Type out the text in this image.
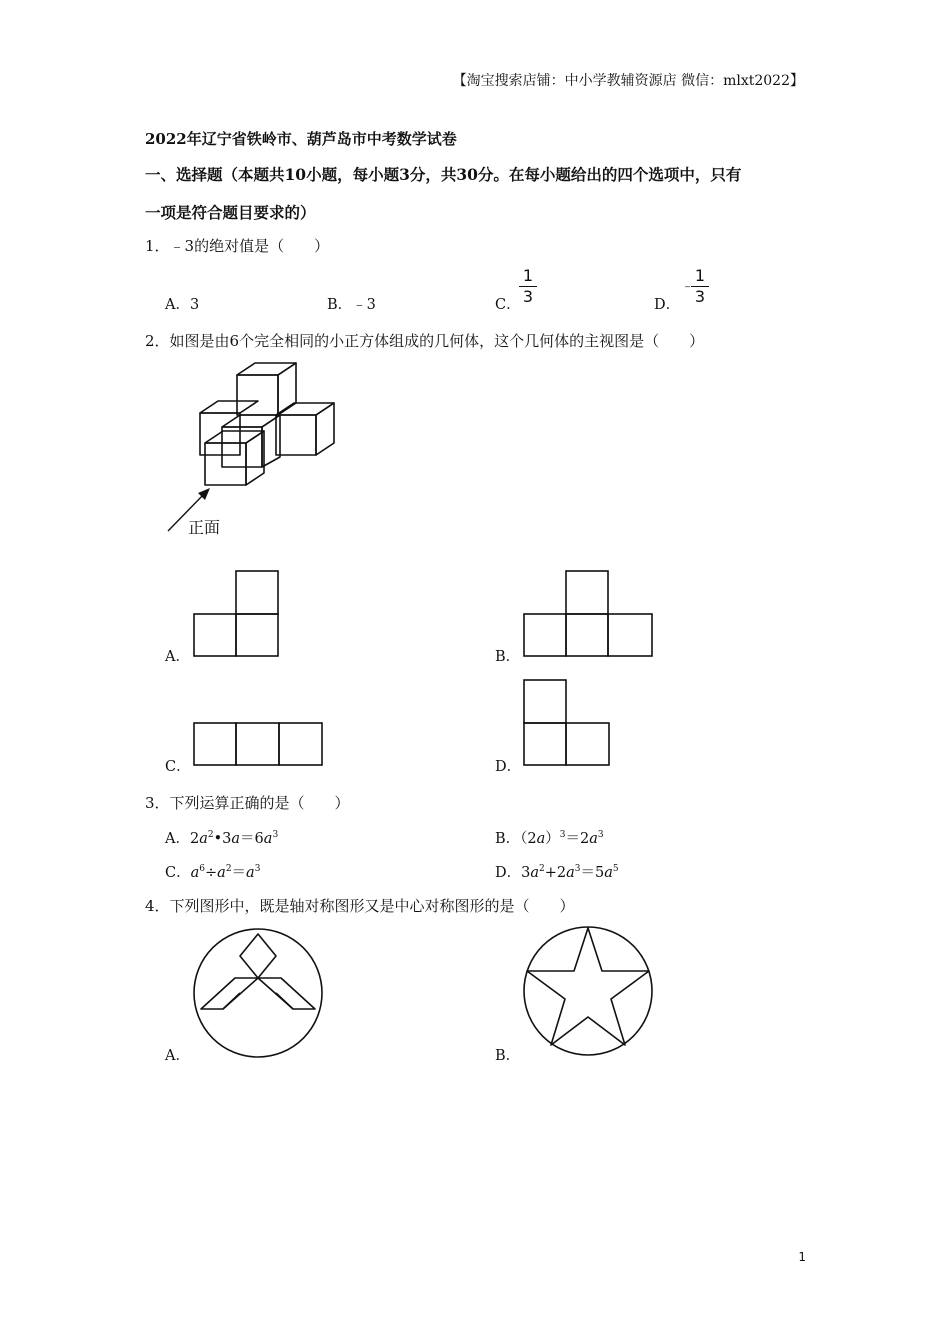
【淘宝搜索店铺：中小学教辅资源店 微信：mlxt2022】
2022年辽宁省铁岭市、葫芦岛市中考数学试卷
一、选择题（本题共10小题，每小题3分，共30分。在每小题给出的四个选项中，只有
一项是符合题目要求的）
1．﹣3的绝对值是（　　）
A．3	B．﹣3	C．
1
3	D．
﹣
1
3
2．如图是由6个完全相同的小正方体组成的几何体，这个几何体的主视图是（　　）
正面
A．	B．
C．	D．
3．下列运算正确的是（　　）
A．$2a^2•3a=6a^3$	B．$(2a)^3=2a^3$
C．$a^6\div a^2=a^3$	D．$3a^2+2a^3=5a^5$
4．下列图形中，既是轴对称图形又是中心对称图形的是（　　）
A．	B．
1
